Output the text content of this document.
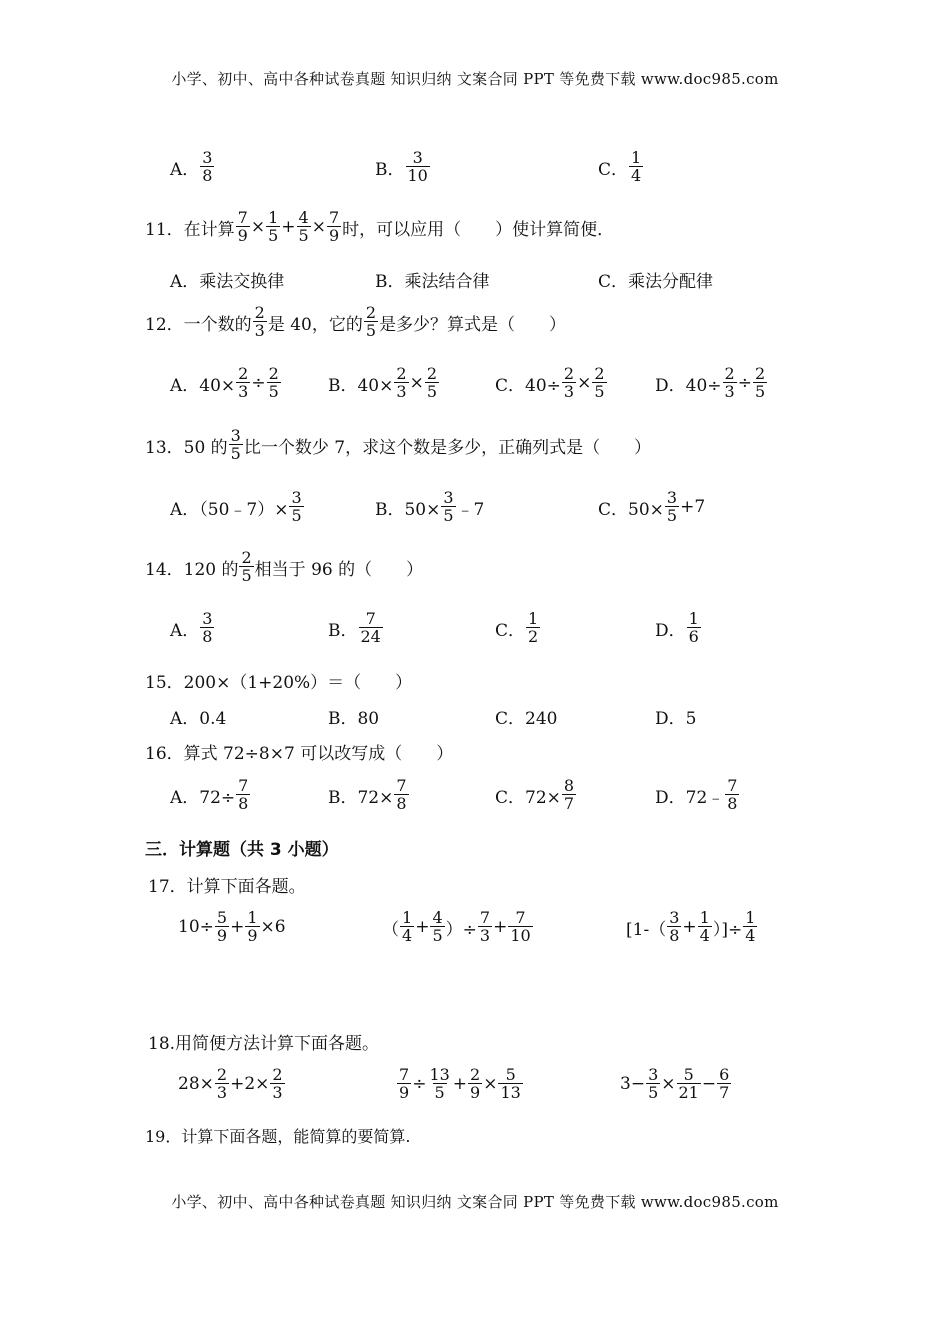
小学、初中、高中各种试卷真题 知识归纳 文案合同 PPT 等免费下载 www.doc985.com
A． $\frac{3}{8}$	B． $\frac{3}{10}$	C． $\frac{1}{4}$
11．在计算 $\frac{7}{9} \times \frac{1}{5} + \frac{4}{5} \times \frac{7}{9}$ 时，可以应用（　　）使计算简便．
A．乘法交换律	B．乘法结合律	C．乘法分配律
12．一个数的 $\frac{2}{3}$ 是 40，它的 $\frac{2}{5}$ 是多少？算式是（　　）
A．$40\times \frac{2}{3} \div \frac{2}{5}$	B．$40\times \frac{2}{3} \times \frac{2}{5}$	C．$40\div \frac{2}{3} \times \frac{2}{5}$	D．$40\div \frac{2}{3} \div \frac{2}{5}$
13．50 的 $\frac{3}{5}$ 比一个数少 7，求这个数是多少，正确列式是（　　）
A．（50﹣7）× $\frac{3}{5}$	B．$50\times \frac{3}{5}$ ﹣7	C．$50\times \frac{3}{5} +7$
14．120 的 $\frac{2}{5}$ 相当于 96 的（　　）
A． $\frac{3}{8}$	B． $\frac{7}{24}$	C． $\frac{1}{2}$	D． $\frac{1}{6}$
15．200×（1+20%）＝（　　）
A．0.4	B．80	C．240	D．5
16．算式 72÷8×7 可以改写成（　　）
A．$72\div \frac{7}{8}$	B．$72\times \frac{7}{8}$	C．$72\times \frac{8}{7}$	D．72﹣ $\frac{7}{8}$
三．计算题（共 3 小题）
17．计算下面各题。
$10\div \frac{5}{9} + \frac{1}{9} \times 6$	（ $\frac{1}{4} + \frac{4}{5}$ ）÷ $\frac{7}{3} + \frac{7}{10}$	[$1-( \frac{3}{8} + \frac{1}{4}$ ）]÷ $\frac{1}{4}$
18.用简便方法计算下面各题。
$28\times \frac{2}{3} +2\times \frac{2}{3}$	$\frac{7}{9} \div \frac{13}{5} + \frac{2}{9} \times \frac{5}{13}$	$3- \frac{3}{5} \times \frac{5}{21} - \frac{6}{7}$
19．计算下面各题，能简算的要简算.
小学、初中、高中各种试卷真题 知识归纳 文案合同 PPT 等免费下载 www.doc985.com
